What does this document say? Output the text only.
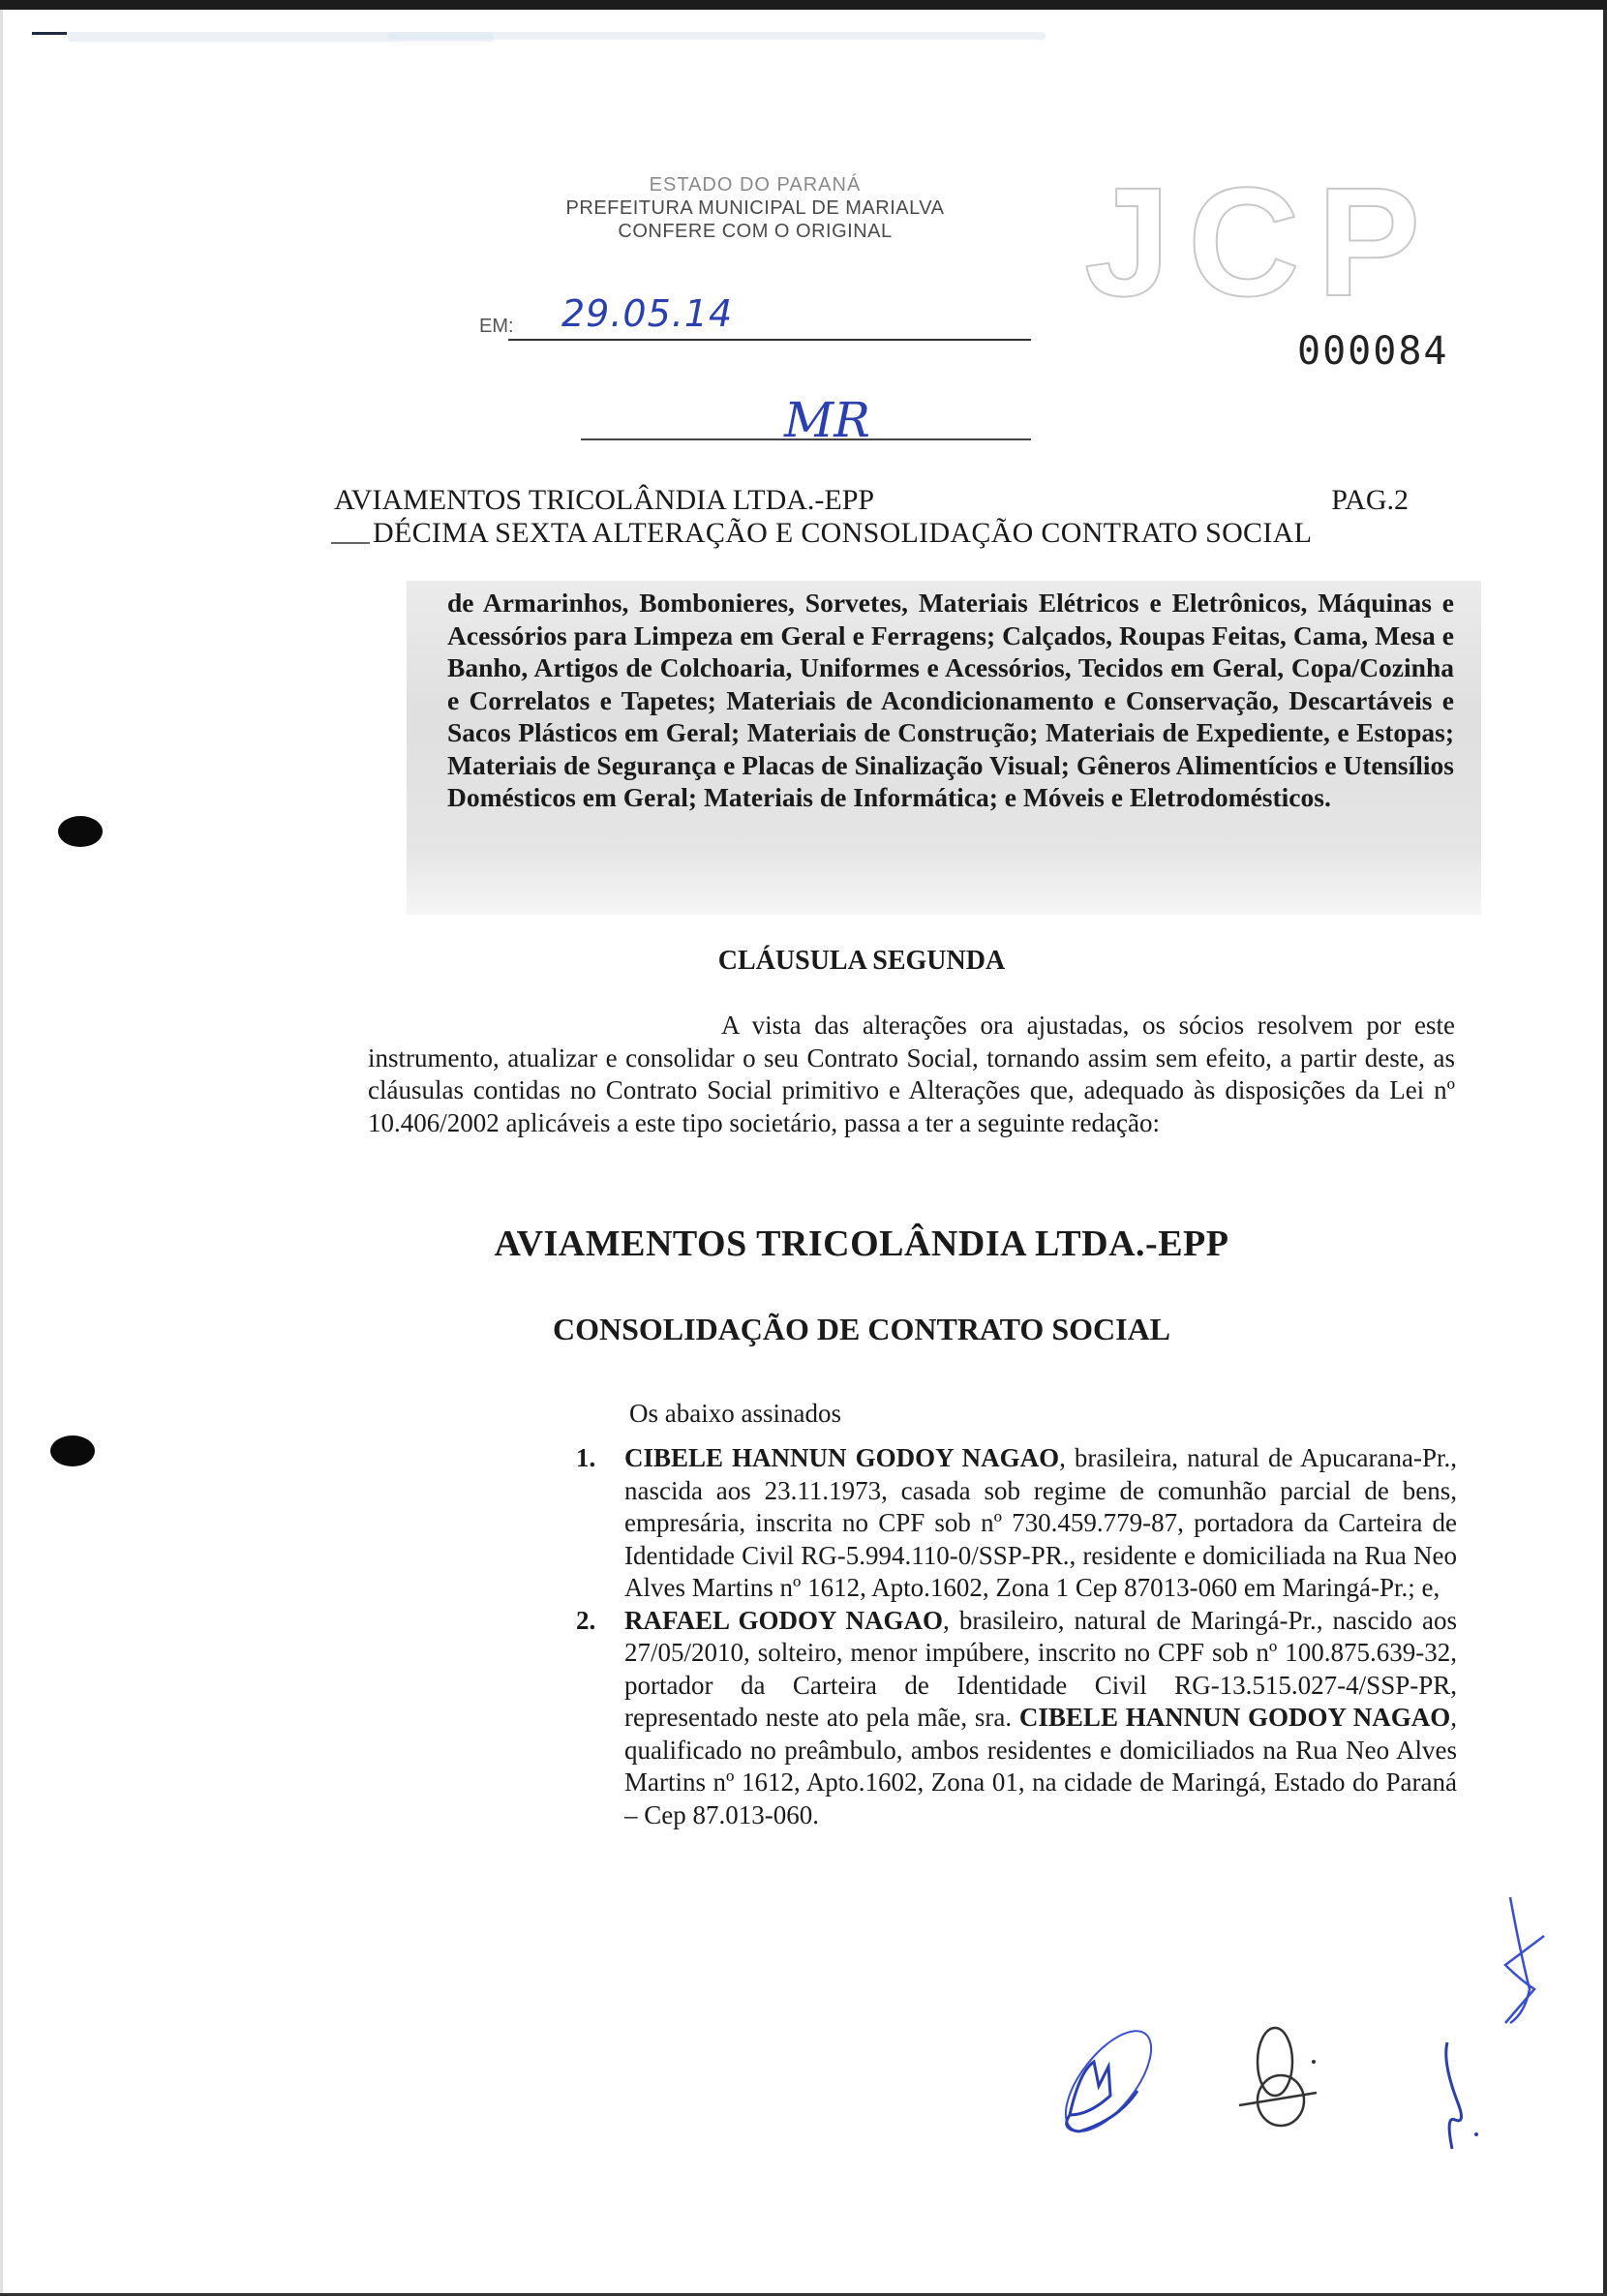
ESTADO DO PARANÁ
PREFEITURA MUNICIPAL DE MARIALVA
CONFERE COM O ORIGINAL
EM: 29.05.14
MR
JCP
000084
AVIAMENTOS TRICOLÂNDIA LTDA.-EPP	PAG.2
DÉCIMA SEXTA ALTERAÇÃO E CONSOLIDAÇÃO CONTRATO SOCIAL
de Armarinhos, Bombonieres, Sorvetes, Materiais Elétricos e Eletrônicos, Máquinas e Acessórios para Limpeza em Geral e Ferragens; Calçados, Roupas Feitas, Cama, Mesa e Banho, Artigos de Colchoaria, Uniformes e Acessórios, Tecidos em Geral, Copa/Cozinha e Correlatos e Tapetes; Materiais de Acondicionamento e Conservação, Descartáveis e Sacos Plásticos em Geral; Materiais de Construção; Materiais de Expediente, e Estopas; Materiais de Segurança e Placas de Sinalização Visual; Gêneros Alimentícios e Utensílios Domésticos em Geral; Materiais de Informática; e Móveis e Eletrodomésticos.
CLÁUSULA SEGUNDA
A vista das alterações ora ajustadas, os sócios resolvem por este instrumento, atualizar e consolidar o seu Contrato Social, tornando assim sem efeito, a partir deste, as cláusulas contidas no Contrato Social primitivo e Alterações que, adequado às disposições da Lei nº 10.406/2002 aplicáveis a este tipo societário, passa a ter a seguinte redação:
AVIAMENTOS TRICOLÂNDIA LTDA.-EPP
CONSOLIDAÇÃO DE CONTRATO SOCIAL
Os abaixo assinados
1. CIBELE HANNUN GODOY NAGAO, brasileira, natural de Apucarana-Pr., nascida aos 23.11.1973, casada sob regime de comunhão parcial de bens, empresária, inscrita no CPF sob nº 730.459.779-87, portadora da Carteira de Identidade Civil RG-5.994.110-0/SSP-PR., residente e domiciliada na Rua Neo Alves Martins nº 1612, Apto.1602, Zona 1 Cep 87013-060 em Maringá-Pr.; e,
2. RAFAEL GODOY NAGAO, brasileiro, natural de Maringá-Pr., nascido aos 27/05/2010, solteiro, menor impúbere, inscrito no CPF sob nº 100.875.639-32, portador da Carteira de Identidade Civil RG-13.515.027-4/SSP-PR, representado neste ato pela mãe, sra. CIBELE HANNUN GODOY NAGAO, qualificado no preâmbulo, ambos residentes e domiciliados na Rua Neo Alves Martins nº 1612, Apto.1602, Zona 01, na cidade de Maringá, Estado do Paraná – Cep 87.013-060.
